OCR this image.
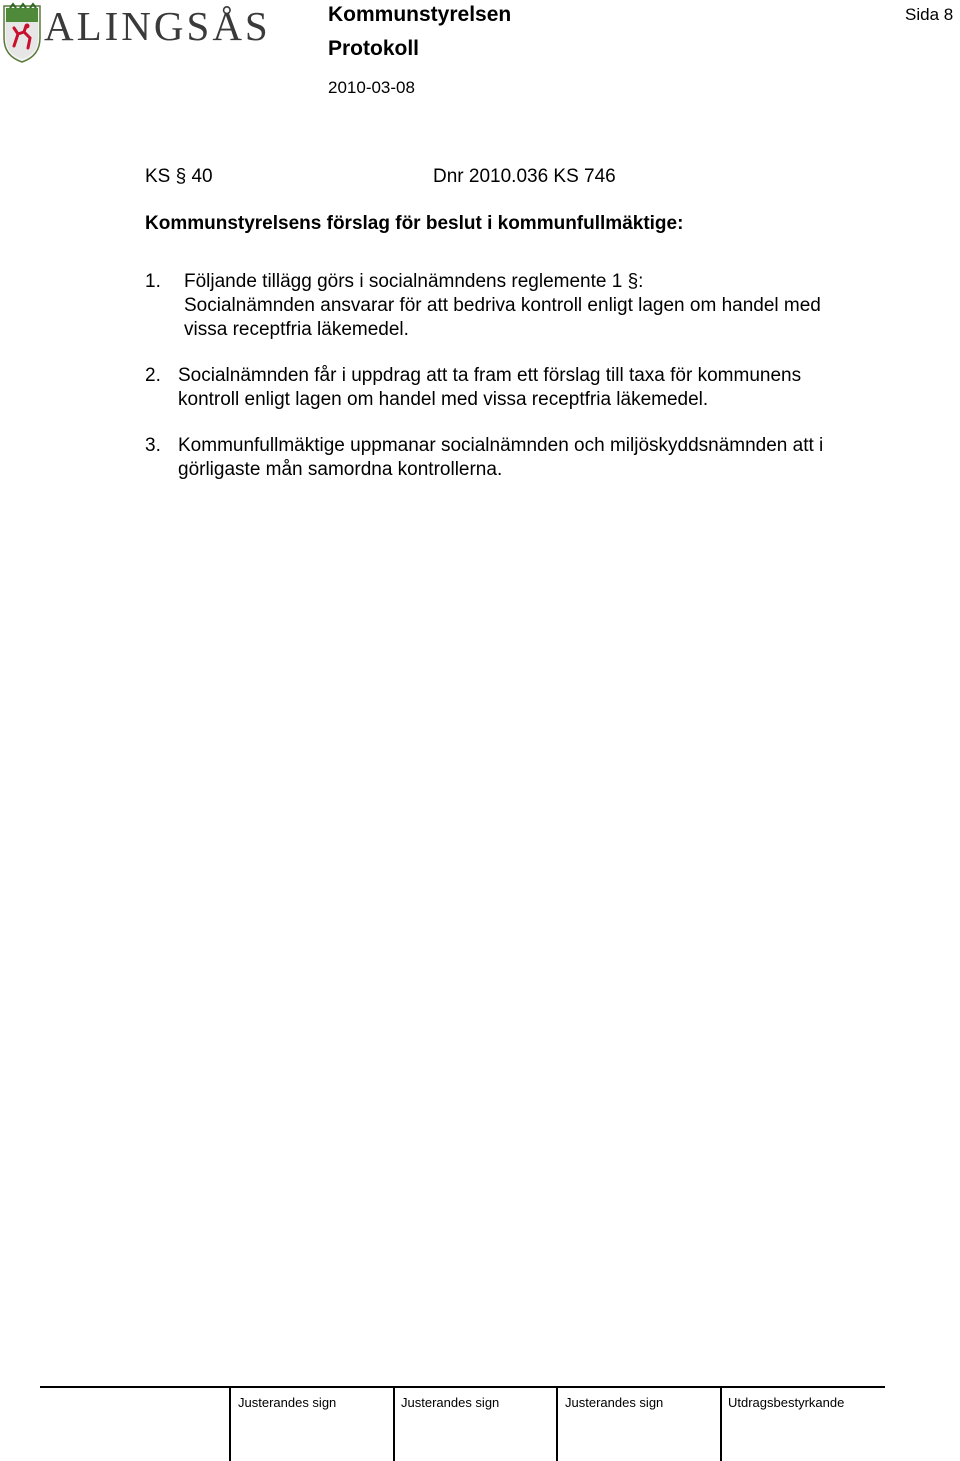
ALINGSÅS	Kommunstyrelsen
Protokoll
2010-03-08
Sida 8
KS § 40	Dnr 2010.036 KS 746
Kommunstyrelsens förslag för beslut i kommunfullmäktige:
1. Följande tillägg görs i socialnämndens reglemente 1 §:
Socialnämnden ansvarar för att bedriva kontroll enligt lagen om handel med
vissa receptfria läkemedel.
2. Socialnämnden får i uppdrag att ta fram ett förslag till taxa för kommunens
kontroll enligt lagen om handel med vissa receptfria läkemedel.
3. Kommunfullmäktige uppmanar socialnämnden och miljöskyddsnämnden att i
görligaste mån samordna kontrollerna.
Justerandes sign	Justerandes sign	Justerandes sign	Utdragsbestyrkande
